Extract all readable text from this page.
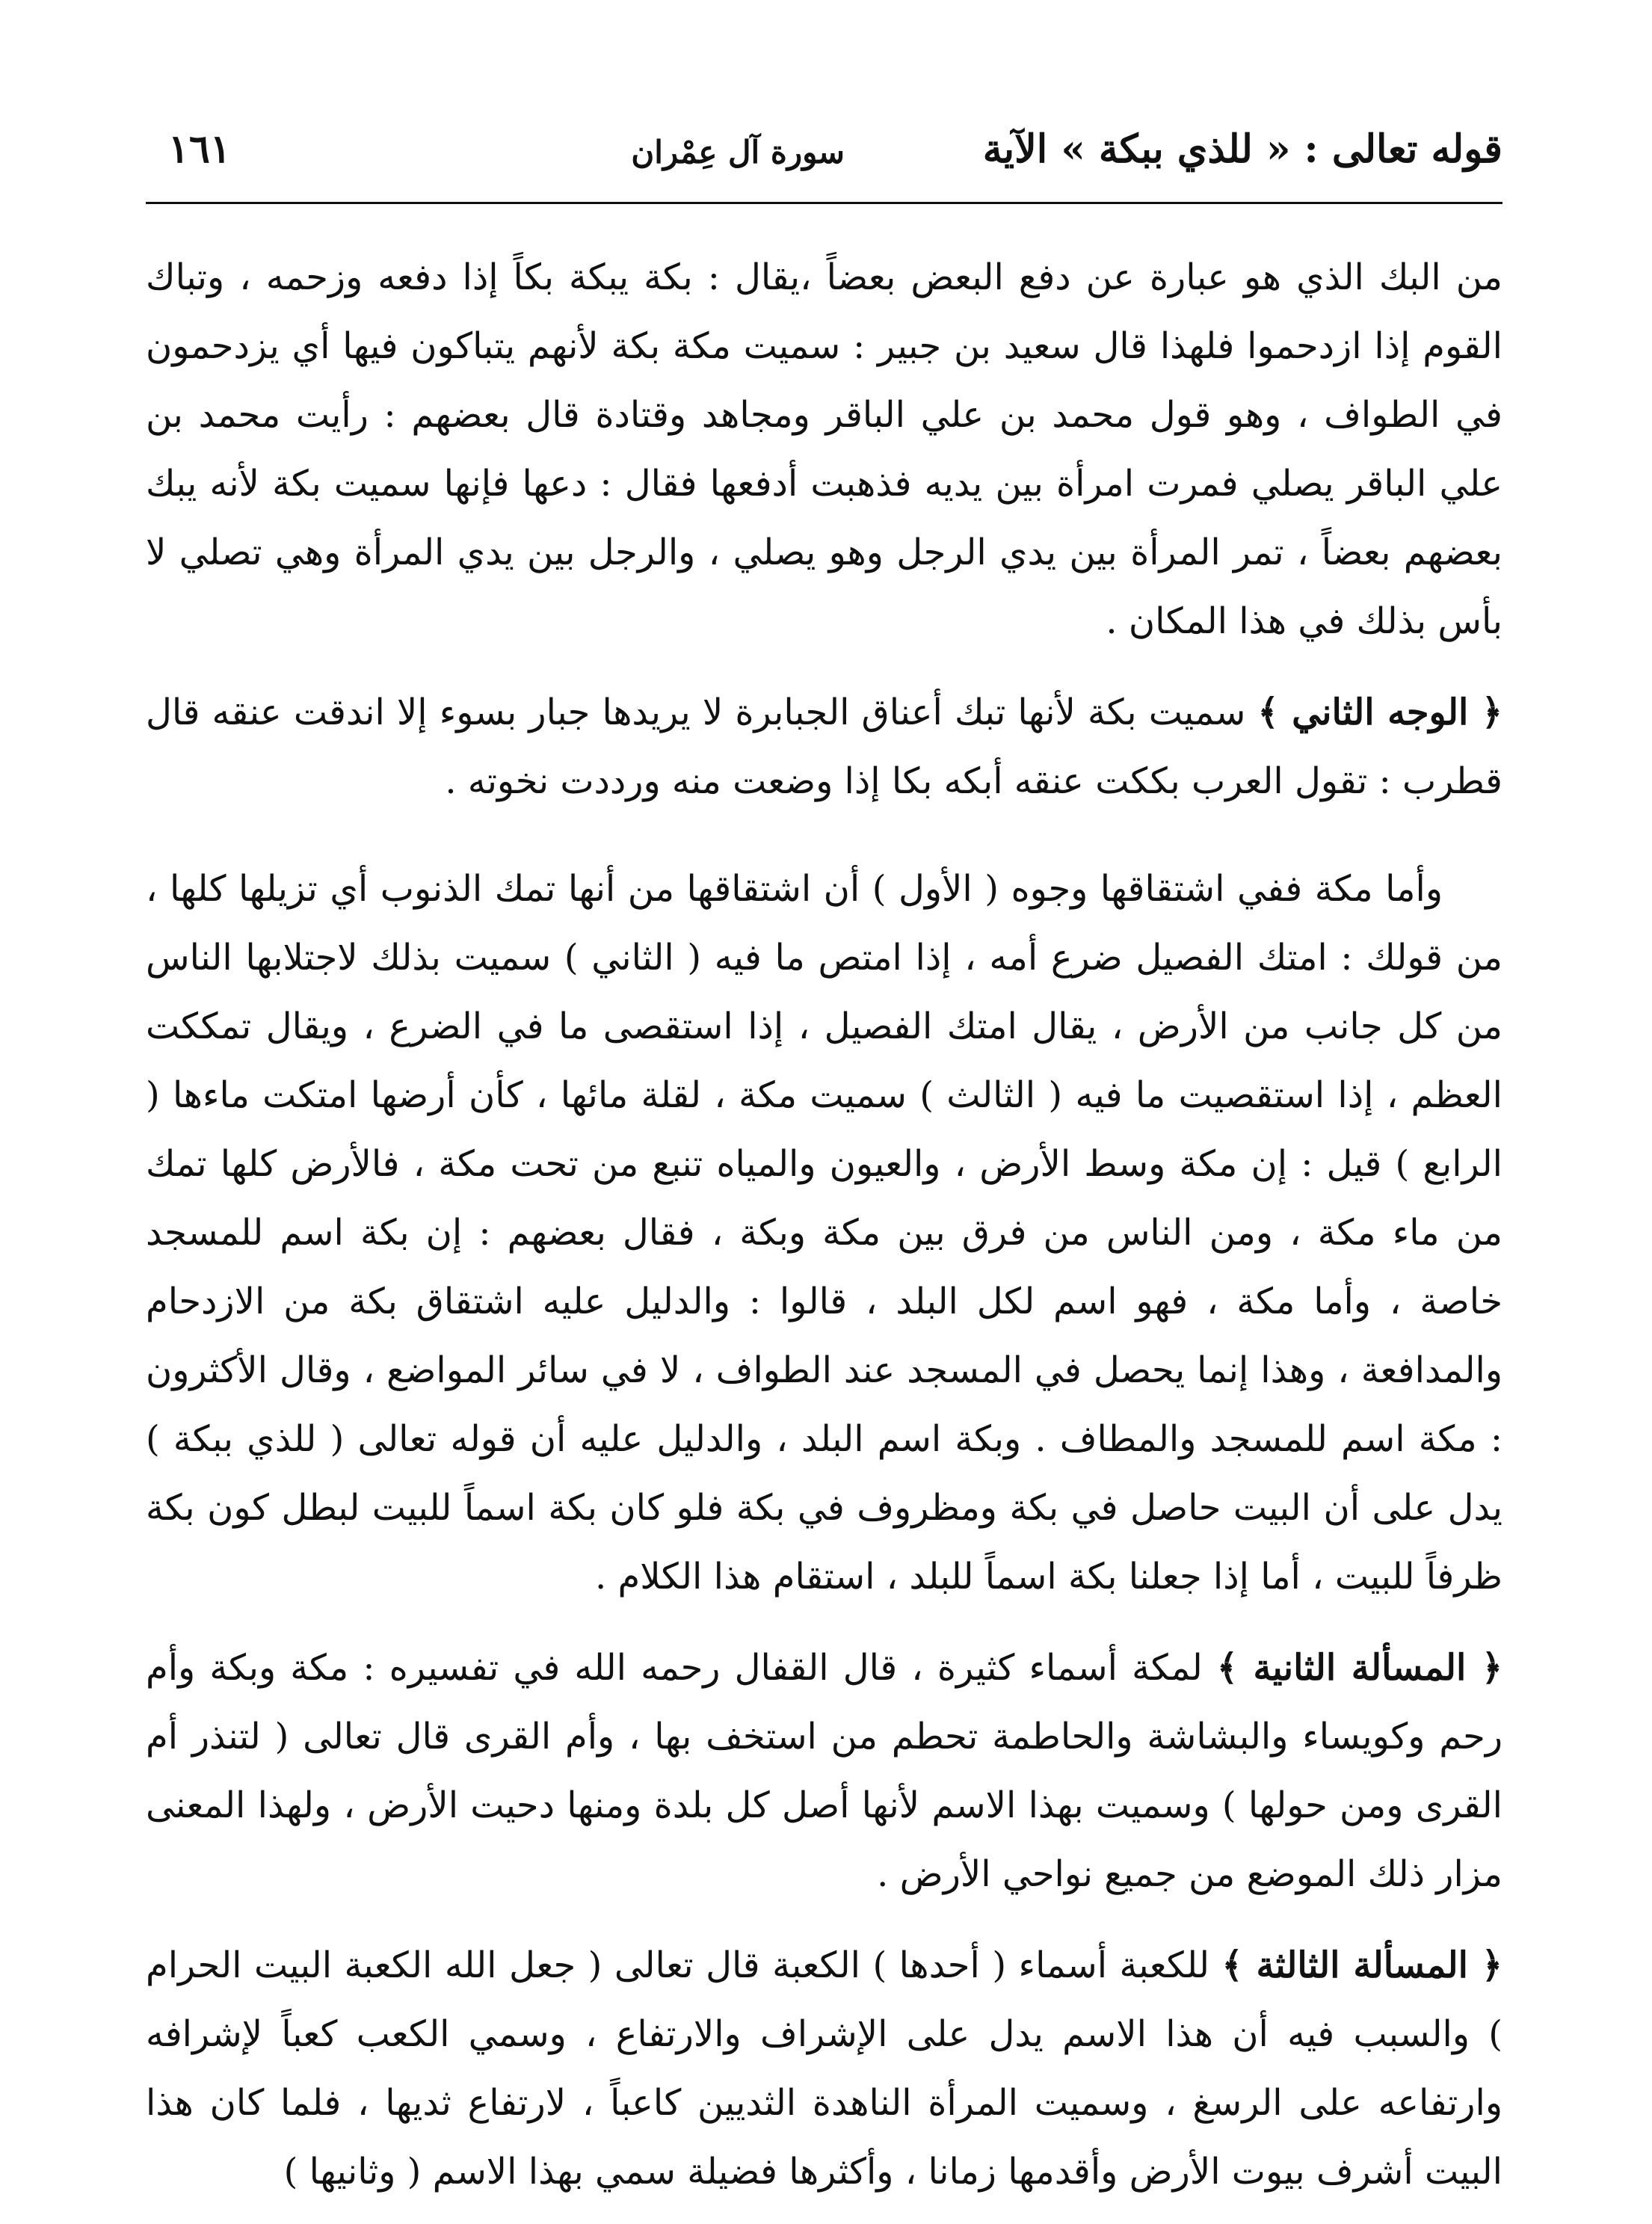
قوله تعالى : « للذي ببكة » الآية
سورة آل عِمْران
١٦١

من البك الذي هو عبارة عن دفع البعض بعضاً ،يقال : بكة يبكة بكاً إذا دفعه وزحمه ، وتباك القوم إذا ازدحموا فلهذا قال سعيد بن جبير : سميت مكة بكة لأنهم يتباكون فيها أي يزدحمون في الطواف ، وهو قول محمد بن علي الباقر ومجاهد وقتادة قال بعضهم : رأيت محمد بن علي الباقر يصلي فمرت امرأة بين يديه فذهبت أدفعها فقال : دعها فإنها سميت بكة لأنه يبك بعضهم بعضاً ، تمر المرأة بين يدي الرجل وهو يصلي ، والرجل بين يدي المرأة وهي تصلي لا بأس بذلك في هذا المكان .

﴿ الوجه الثاني ﴾ سميت بكة لأنها تبك أعناق الجبابرة لا يريدها جبار بسوء إلا اندقت عنقه قال قطرب : تقول العرب بككت عنقه أبكه بكا إذا وضعت منه ورددت نخوته .

وأما مكة ففي اشتقاقها وجوه ( الأول ) أن اشتقاقها من أنها تمك الذنوب أي تزيلها كلها ، من قولك : امتك الفصيل ضرع أمه ، إذا امتص ما فيه ( الثاني ) سميت بذلك لاجتلابها الناس من كل جانب من الأرض ، يقال امتك الفصيل ، إذا استقصى ما في الضرع ، ويقال تمككت العظم ، إذا استقصيت ما فيه ( الثالث ) سميت مكة ، لقلة مائها ، كأن أرضها امتكت ماءها ( الرابع ) قيل : إن مكة وسط الأرض ، والعيون والمياه تنبع من تحت مكة ، فالأرض كلها تمك من ماء مكة ، ومن الناس من فرق بين مكة وبكة ، فقال بعضهم : إن بكة اسم للمسجد خاصة ، وأما مكة ، فهو اسم لكل البلد ، قالوا : والدليل عليه اشتقاق بكة من الازدحام والمدافعة ، وهذا إنما يحصل في المسجد عند الطواف ، لا في سائر المواضع ، وقال الأكثرون : مكة اسم للمسجد والمطاف . وبكة اسم البلد ، والدليل عليه أن قوله تعالى ( للذي ببكة ) يدل على أن البيت حاصل في بكة ومظروف في بكة فلو كان بكة اسماً للبيت لبطل كون بكة ظرفاً للبيت ، أما إذا جعلنا بكة اسماً للبلد ، استقام هذا الكلام .

﴿ المسألة الثانية ﴾ لمكة أسماء كثيرة ، قال القفال رحمه الله في تفسيره : مكة وبكة وأم رحم وكويساء والبشاشة والحاطمة تحطم من استخف بها ، وأم القرى قال تعالى ( لتنذر أم القرى ومن حولها ) وسميت بهذا الاسم لأنها أصل كل بلدة ومنها دحيت الأرض ، ولهذا المعنى مزار ذلك الموضع من جميع نواحي الأرض .

﴿ المسألة الثالثة ﴾ للكعبة أسماء ( أحدها ) الكعبة قال تعالى ( جعل الله الكعبة البيت الحرام ) والسبب فيه أن هذا الاسم يدل على الإشراف والارتفاع ، وسمي الكعب كعباً لإشرافه وارتفاعه على الرسغ ، وسميت المرأة الناهدة الثديين كاعباً ، لارتفاع ثديها ، فلما كان هذا البيت أشرف بيوت الأرض وأقدمها زمانا ، وأكثرها فضيلة سمي بهذا الاسم ( وثانيها )
